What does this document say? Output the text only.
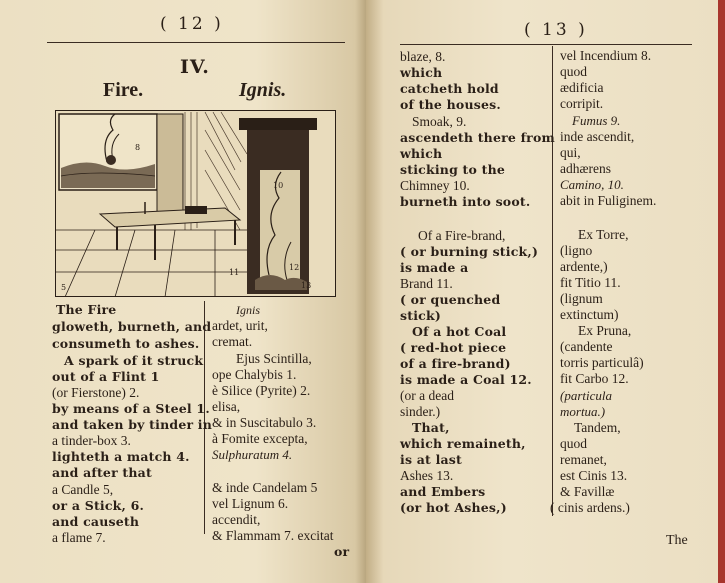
( 12 )
IV.
Fire.	Ignis.
8
10
11
12
13
5
The Fire
gloweth, burneth, and
consumeth to ashes.
A spark of it struck
out of a Flint 1
(or Fierstone) 2.
by means of a Steel 1.
and taken by tinder in
a tinder-box 3.
lighteth a match 4.
and after that
a Candle 5,
or a Stick, 6.
and causeth
a flame 7.
Ignis
ardet, urit,
cremat.
Ejus Scintilla,
ope Chalybis 1.
è Silice (Pyrite) 2.
elisa,
& in Suscitabulo 3.
à Fomite excepta,
Sulphuratum 4.
& inde Candelam 5
vel Lignum 6.
accendit,
& Flammam 7. excitat
or
( 13 )
blaze, 8.
which
catcheth hold
of the houses.
Smoak, 9.
ascendeth there from
which
sticking to the
Chimney 10.
burneth into soot.
Of a Fire-brand,
( or burning stick,)
is made a
Brand 11.
( or quenched
stick)
Of a hot Coal
( red-hot piece
of a fire-brand)
is made a Coal 12.
(or a dead
sinder.)
That,
which remaineth,
is at last
Ashes 13.
and Embers
(or hot Ashes,)
vel Incendium 8.
quod
ædificia
corripit.
Fumus 9.
inde ascendit,
qui,
adhærens
Camino, 10.
abit in Fuliginem.
Ex Torre,
(ligno
ardente,)
fit Titio 11.
(lignum
extinctum)
Ex Pruna,
(candente
torris particulâ)
fit Carbo 12.
(particula
mortua.)
Tandem,
quod
remanet,
est Cinis 13.
& Favillæ
( cinis ardens.)
The
